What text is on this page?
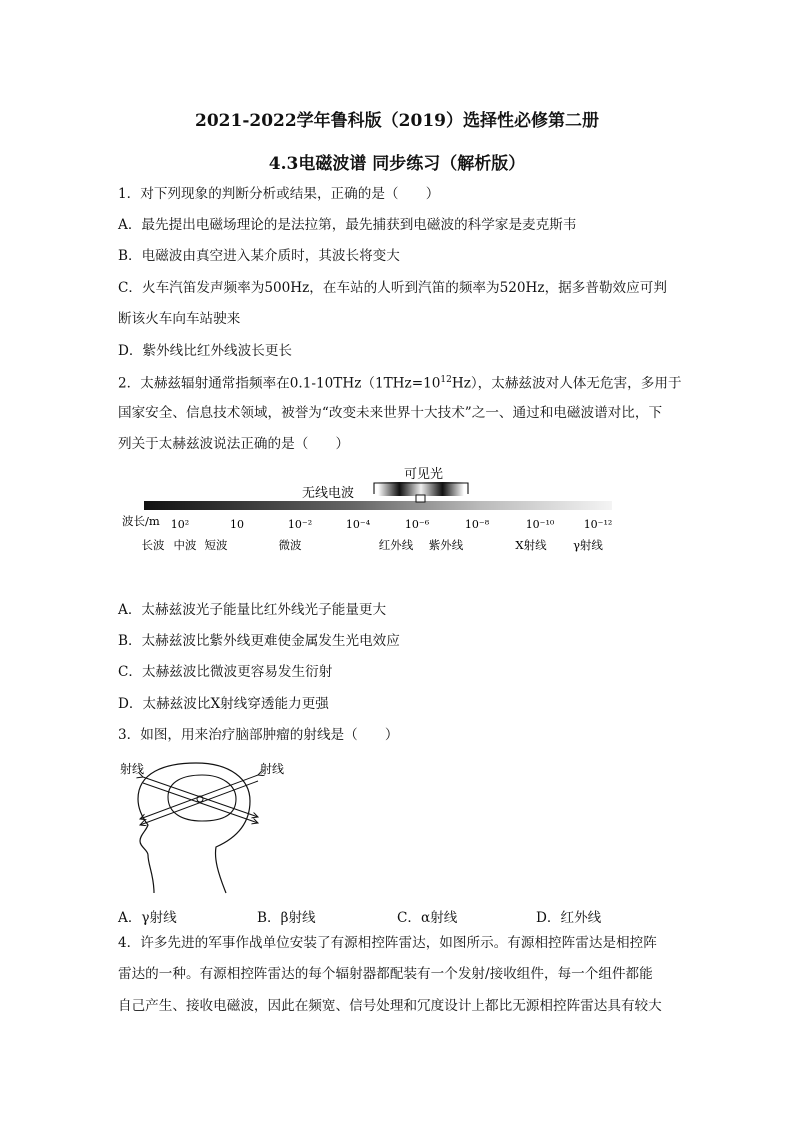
2021-2022学年鲁科版（2019）选择性必修第二册
4.3电磁波谱 同步练习（解析版）
1．对下列现象的判断分析或结果，正确的是（　　）
A．最先提出电磁场理论的是法拉第，最先捕获到电磁波的科学家是麦克斯韦
B．电磁波由真空进入某介质时，其波长将变大
C．火车汽笛发声频率为500Hz，在车站的人听到汽笛的频率为520Hz，据多普勒效应可判
断该火车向车站驶来
D．紫外线比红外线波长更长
2．太赫兹辐射通常指频率在$0.1-10THz(1THz=10^{12}Hz)$，太赫兹波对人体无危害，多用于
国家安全、信息技术领域，被誉为“改变未来世界十大技术”之一、通过和电磁波谱对比，下
列关于太赫兹波说法正确的是（　　）
可见光
无线电波
波长/m 10²	10	10⁻²	10⁻⁴	10⁻⁶	10⁻⁸	10⁻¹⁰	10⁻¹²
长波 中波 短波	微波	红外线 紫外线	X射线 γ射线
A．太赫兹波光子能量比红外线光子能量更大
B．太赫兹波比紫外线更难使金属发生光电效应
C．太赫兹波比微波更容易发生衍射
D．太赫兹波比X射线穿透能力更强
3．如图，用来治疗脑部肿瘤的射线是（　　）
射线	射线
A．γ射线	B．β射线	C．α射线	D．红外线
4．许多先进的军事作战单位安装了有源相控阵雷达，如图所示。有源相控阵雷达是相控阵
雷达的一种。有源相控阵雷达的每个辐射器都配装有一个发射/接收组件，每一个组件都能
自己产生、接收电磁波，因此在频宽、信号处理和冗度设计上都比无源相控阵雷达具有较大
